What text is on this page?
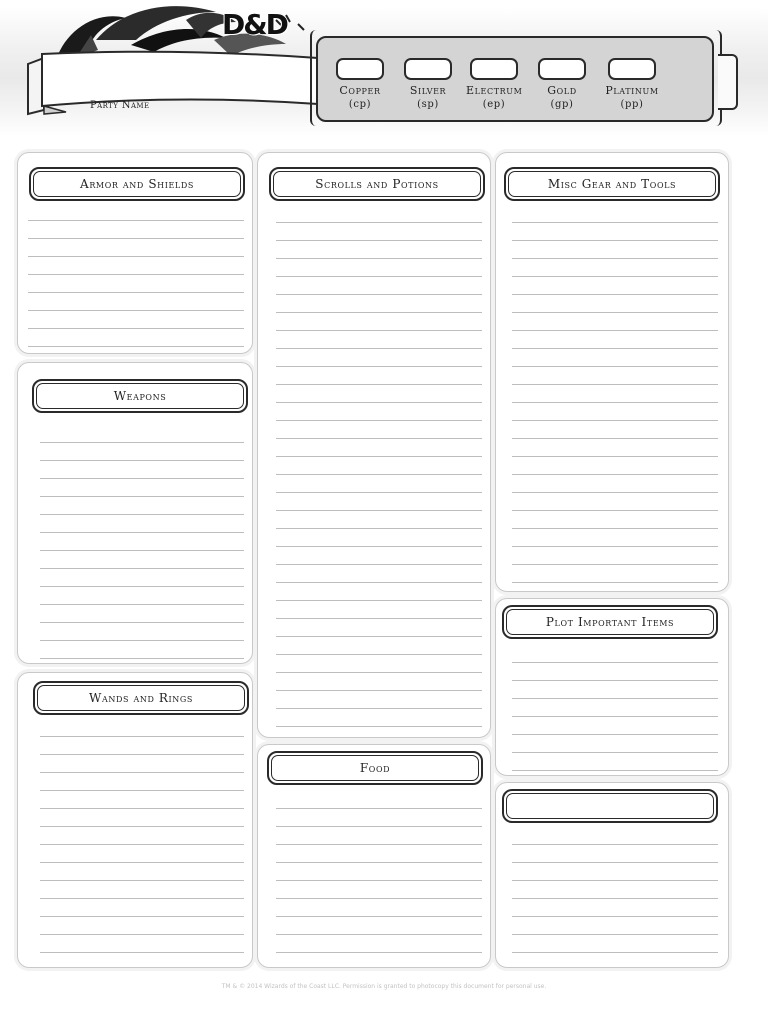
D&D
Party Name
Copper
(cp)
Silver
(sp)
Electrum
(ep)
Gold
(gp)
Platinum
(pp)
Armor and Shields
Weapons
Wands and Rings
Scrolls and Potions
Food
Misc Gear and Tools
Plot Important Items
TM & © 2014 Wizards of the Coast LLC. Permission is granted to photocopy this document for personal use.
